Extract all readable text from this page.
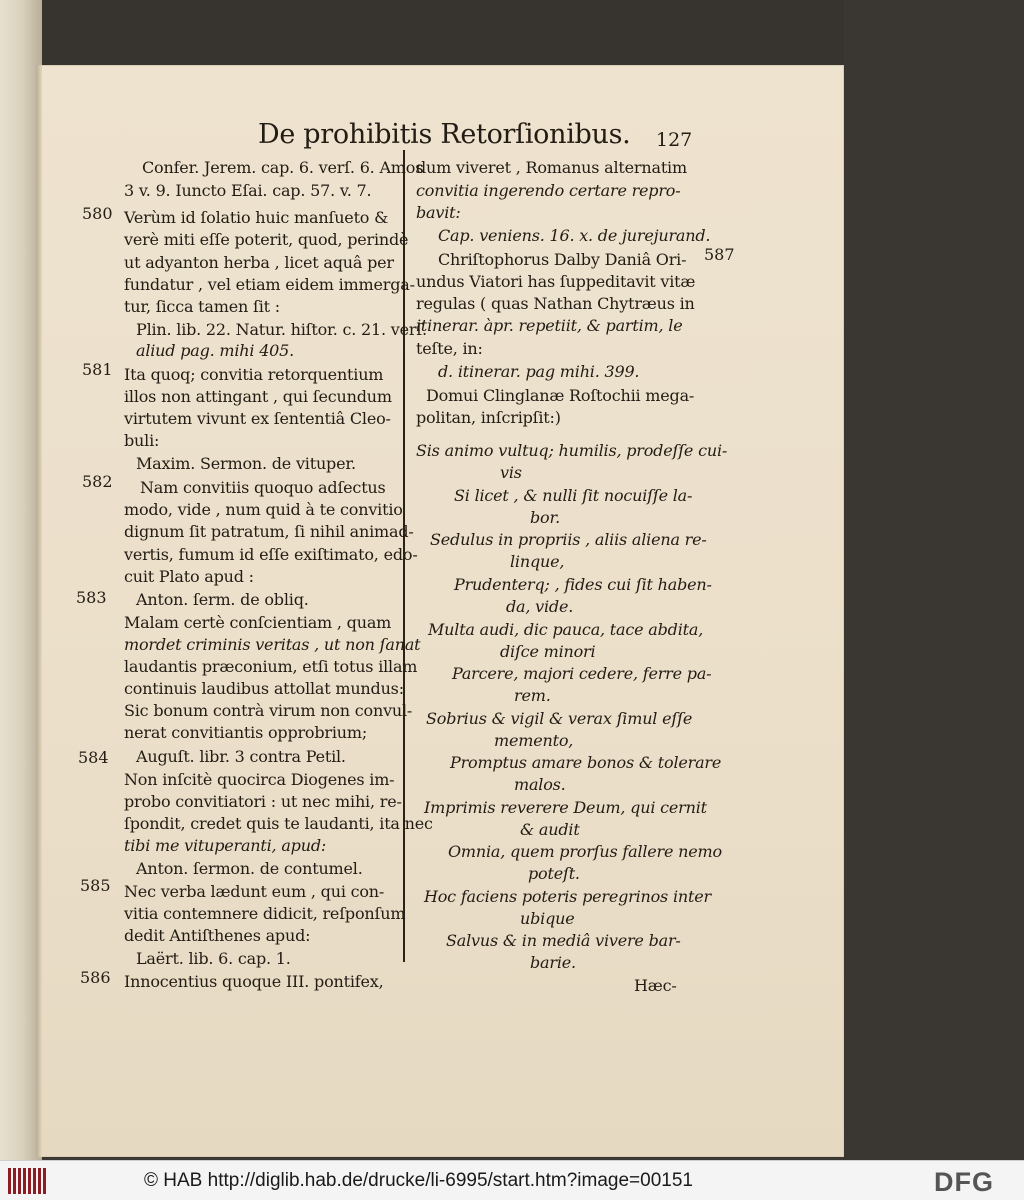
De prohibitis Retorſionibus. 127
Confer. Jerem. cap. 6. verſ. 6. Amos
3 v. 9. Iuncto Eſai. cap. 57. v. 7.
Verùm id ſolatio huic manſueto &
verè miti eſſe poterit, quod, perindè
ut adyanton herba , licet aquâ per
fundatur , vel etiam eidem immerga-
tur, ſicca tamen ſit :
Plin. lib. 22. Natur. hiſtor. c. 21. verſ.
aliud pag. mihi 405.
Ita quoq; convitia retorquentium
illos non attingant , qui ſecundum
virtutem vivunt ex ſententiâ Cleo-
buli:
Maxim. Sermon. de vituper.
Nam convitiis quoquo adſectus
modo, vide , num quid à te convitio
dignum ſit patratum, ſi nihil animad-
vertis, fumum id eſſe exiſtimato, edo-
cuit Plato apud :
Anton. ſerm. de obliq.
Malam certè conſcientiam , quam
mordet criminis veritas , ut non ſanat
laudantis præconium, etſi totus illam
continuis laudibus attollat mundus:
Sic bonum contrà virum non convul-
nerat convitiantis opprobrium;
Auguſt. libr. 3 contra Petil.
Non inſcitè quocirca Diogenes im-
probo convitiatori : ut nec mihi, re-
ſpondit, credet quis te laudanti, ita nec
tibi me vituperanti, apud:
Anton. ſermon. de contumel.
Nec verba lædunt eum , qui con-
vitia contemnere didicit, reſponſum
dedit Antiſthenes apud:
Laërt. lib. 6. cap. 1.
Innocentius quoque III. pontifex,
dum viveret , Romanus alternatim
convitia ingerendo certare repro-
bavit:
Cap. veniens. 16. x. de jurejurand.
Chriſtophorus Dalby Daniâ Ori-
undus Viatori has ſuppeditavit vitæ
regulas ( quas Nathan Chytræus in
itinerar. àpr. repetiit, & partim, le
teſte, in:
d. itinerar. pag mihi. 399.
Domui Clinglanæ Roſtochii mega-
politan, inſcripſit:)
Sis animo vultuq; humilis, prodeſſe cui-
vis
Si licet , & nulli ſit nocuiſſe la-
bor.
Sedulus in propriis , aliis aliena re-
linque,
Prudenterq; , fides cui ſit haben-
da, vide.
Multa audi, dic pauca, tace abdita,
diſce minori
Parcere, majori cedere, ferre pa-
rem.
Sobrius & vigil & verax ſimul eſſe
memento,
Promptus amare bonos & tolerare
malos.
Imprimis reverere Deum, qui cernit
& audit
Omnia, quem prorſus fallere nemo
poteſt.
Hoc faciens poteris peregrinos inter
ubique
Salvus & in mediâ vivere bar-
barie.
Hæc-
580
581
582
583
584
585
586
587
© HAB http://diglib.hab.de/drucke/li-6995/start.htm?image=00151	DFG
